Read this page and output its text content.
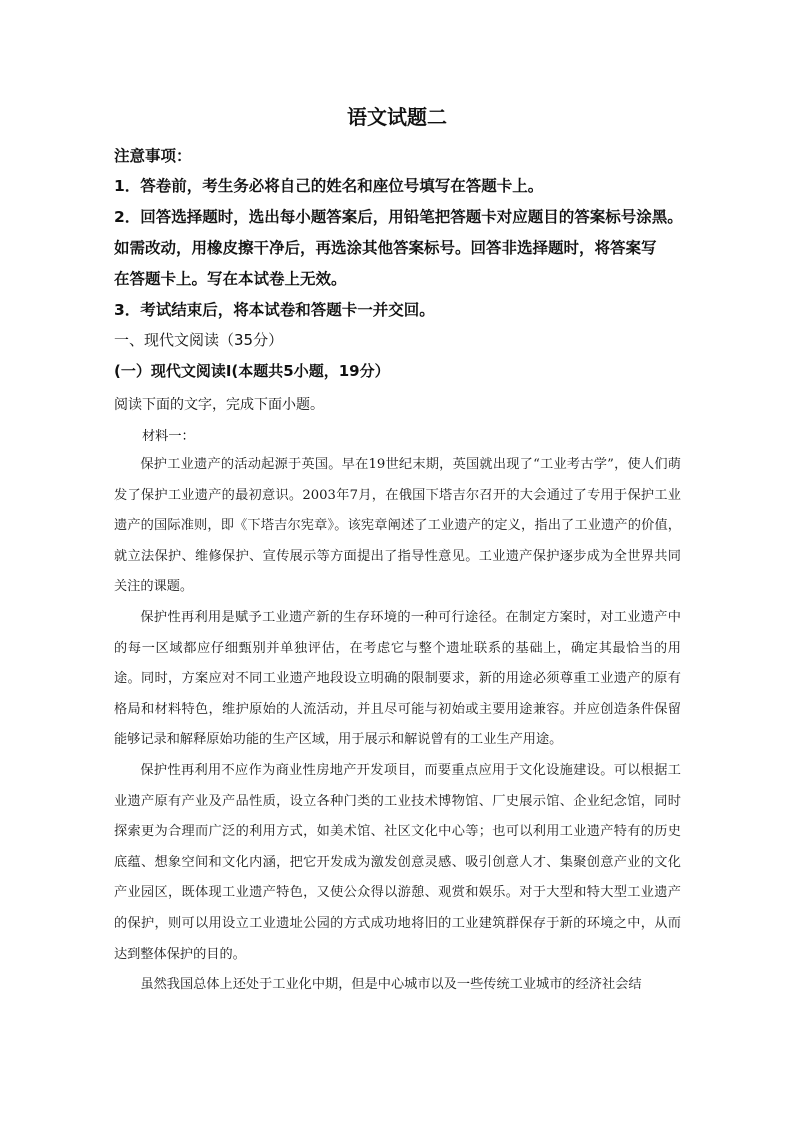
语文试题二
注意事项：
1．答卷前，考生务必将自己的姓名和座位号填写在答题卡上。
2．回答选择题时，选出每小题答案后，用铅笔把答题卡对应题目的答案标号涂黑。
如需改动，用橡皮擦干净后，再选涂其他答案标号。回答非选择题时，将答案写
在答题卡上。写在本试卷上无效。
3．考试结束后，将本试卷和答题卡一并交回。
一、现代文阅读（35分）
(一）现代文阅读Ⅰ(本题共5小题，19分）
阅读下面的文字，完成下面小题。
材料一：

保护工业遗产的活动起源于英国。早在19世纪末期，英国就出现了“工业考古学”，使人们萌发了保护工业遗产的最初意识。2003年7月，在俄国下塔吉尔召开的大会通过了专用于保护工业遗产的国际准则，即《下塔吉尔宪章》。该宪章阐述了工业遗产的定义，指出了工业遗产的价值，就立法保护、维修保护、宣传展示等方面提出了指导性意见。工业遗产保护逐步成为全世界共同关注的课题。

保护性再利用是赋予工业遗产新的生存环境的一种可行途径。在制定方案时，对工业遗产中的每一区域都应仔细甄别并单独评估，在考虑它与整个遗址联系的基础上，确定其最恰当的用途。同时，方案应对不同工业遗产地段设立明确的限制要求，新的用途必须尊重工业遗产的原有格局和材料特色，维护原始的人流活动，并且尽可能与初始或主要用途兼容。并应创造条件保留能够记录和解释原始功能的生产区域，用于展示和解说曾有的工业生产用途。

保护性再利用不应作为商业性房地产开发项目，而要重点应用于文化设施建设。可以根据工业遗产原有产业及产品性质，设立各种门类的工业技术博物馆、厂史展示馆、企业纪念馆，同时探索更为合理而广泛的利用方式，如美术馆、社区文化中心等；也可以利用工业遗产特有的历史底蕴、想象空间和文化内涵，把它开发成为激发创意灵感、吸引创意人才、集聚创意产业的文化产业园区，既体现工业遗产特色，又使公众得以游憩、观赏和娱乐。对于大型和特大型工业遗产的保护，则可以用设立工业遗址公园的方式成功地将旧的工业建筑群保存于新的环境之中，从而达到整体保护的目的。

虽然我国总体上还处于工业化中期，但是中心城市以及一些传统工业城市的经济社会结
